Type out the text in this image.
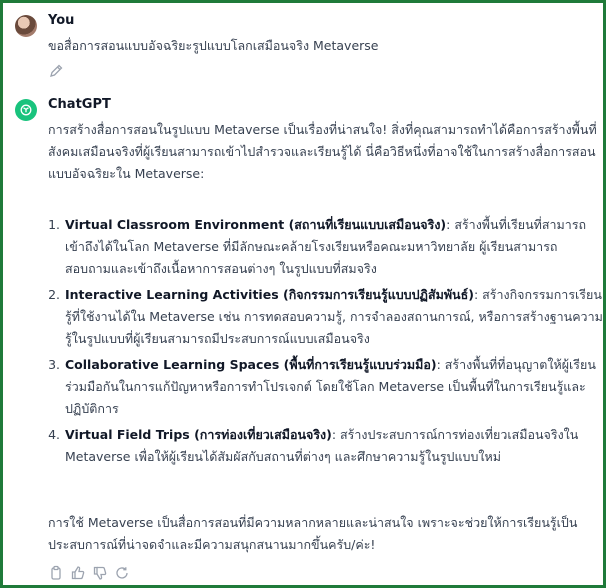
You
ขอสื่อการสอนแบบอัจฉริยะรูปแบบโลกเสมือนจริง Metaverse
ChatGPT
การสร้างสื่อการสอนในรูปแบบ Metaverse เป็นเรื่องที่น่าสนใจ! สิ่งที่คุณสามารถทำได้คือการสร้างพื้นที่สังคมเสมือนจริงที่ผู้เรียนสามารถเข้าไปสำรวจและเรียนรู้ได้ นี่คือวิธีหนึ่งที่อาจใช้ในการสร้างสื่อการสอนแบบอัจฉริยะใน Metaverse:
1. Virtual Classroom Environment (สถานที่เรียนแบบเสมือนจริง): สร้างพื้นที่เรียนที่สามารถเข้าถึงได้ในโลก Metaverse ที่มีลักษณะคล้ายโรงเรียนหรือคณะมหาวิทยาลัย ผู้เรียนสามารถสอบถามและเข้าถึงเนื้อหาการสอนต่างๆ ในรูปแบบที่สมจริง
2. Interactive Learning Activities (กิจกรรมการเรียนรู้แบบปฏิสัมพันธ์): สร้างกิจกรรมการเรียนรู้ที่ใช้งานได้ใน Metaverse เช่น การทดสอบความรู้, การจำลองสถานการณ์, หรือการสร้างฐานความรู้ในรูปแบบที่ผู้เรียนสามารถมีประสบการณ์แบบเสมือนจริง
3. Collaborative Learning Spaces (พื้นที่การเรียนรู้แบบร่วมมือ): สร้างพื้นที่ที่อนุญาตให้ผู้เรียนร่วมมือกันในการแก้ปัญหาหรือการทำโปรเจกต์ โดยใช้โลก Metaverse เป็นพื้นที่ในการเรียนรู้และปฏิบัติการ
4. Virtual Field Trips (การท่องเที่ยวเสมือนจริง): สร้างประสบการณ์การท่องเที่ยวเสมือนจริงใน Metaverse เพื่อให้ผู้เรียนได้สัมผัสกับสถานที่ต่างๆ และศึกษาความรู้ในรูปแบบใหม่
การใช้ Metaverse เป็นสื่อการสอนที่มีความหลากหลายและน่าสนใจ เพราะจะช่วยให้การเรียนรู้เป็นประสบการณ์ที่น่าจดจำและมีความสนุกสนานมากขึ้นครับ/ค่ะ!
